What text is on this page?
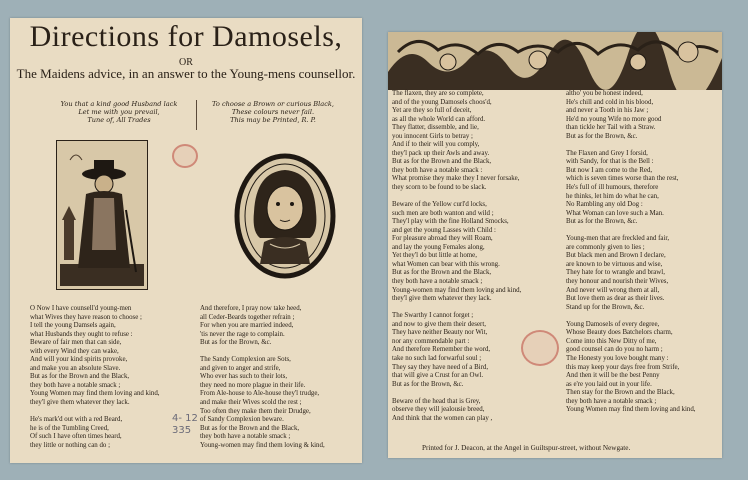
Directions for Damosels,
OR
The Maidens advice, in an answer to the Young-mens counsellor.
You that a kind good Husband lack
Let me with you prevail,
Tune of, All Trades
To choose a Brown or curious Black,
These colours never fail.
This may be Printed, R. P.
O Now I have counsell'd young-men
what Wives they have reason to choose ;
I tell the young Damsels again,
what Husbands they ought to refuse :
Beware of fair men that can side,
with every Wind they can wake,
And will your kind spirits provoke,
and make you an absolute Slave.
But as for the Brown and the Black,
they both have a notable smack ;
Young Women may find them loving and kind,
they'l give them whatever they lack.
He's mark'd out with a red Beard,
he is of the Tumbling Creed,
Of such I have often times heard,
they little or nothing can do ;
And therefore, I pray now take heed,
all Ceder-Beards together refrain ;
For when you are married indeed,
'tis never the rage to complain.
But as for the Brown, &c.
The Sandy Complexion are Sots,
and given to anger and strife,
Who ever has such to their lots,
they need no more plague in their life.
From Ale-house to Ale-house they'l trudge,
and make their Wives scold the rest ;
Too often they make them their Drudge,
of Sandy Complexion beware.
But as for the Brown and the Black,
they both have a notable smack ;
Young-women may find them loving & kind,
4- 12
335
The flaxen, they are so complete,
and of the young Damosels choos'd,
Yet are they so full of deceit,
as all the whole World can afford.
They flatter, dissemble, and lie,
you innocent Girls to betray ;
And if to their will you comply,
they'l pack up their Awls and away.
But as for the Brown and the Black,
they both have a notable smack :
What promise they make they I never forsake,
they scorn to be found to be slack.
Beware of the Yellow curl'd locks,
such men are both wanton and wild ;
They'l play with the fine Holland Smocks,
and get the young Lasses with Child :
For pleasure abroad they will Roam,
and lay the young Females along,
Yet they'l do but little at home,
what Women can bear with this wrong.
But as for the Brown and the Black,
they both have a notable smack ;
Young-women may find them loving and kind,
they'l give them whatever they lack.
The Swarthy I cannot forget ;
and now to give them their desert,
They have neither Beauty nor Wit,
nor any commendable part :
And therefore Remember the word,
take no such lad forwarful soul ;
They say they have need of a Bird,
that will give a Crust for an Owl.
But as for the Brown, &c.
Beware of the head that is Grey,
observe they will jealousie breed,
And think that the women can play ,
altho' you be honest indeed,
He's chill and cold in his blood,
and never a Tooth in his Jaw ;
He'd no young Wife no more good
than tickle her Tail with a Straw.
But as for the Brown, &c.
The Flaxen and Grey I forsid,
with Sandy, for that is the Bell :
But now I am come to the Red,
which is seven times worse than the rest,
He's full of ill humours, therefore
he thinks, let him do what he can,
No Rambling any old Dog :
What Woman can love such a Man.
But as for the Brown, &c.
Young-men that are freckled and fair,
are commonly given to lies ;
But black men and Brown I declare,
are known to be virtuous and wise,
They hate for to wrangle and brawl,
they honour and nourish their Wives,
And never will wrong them at all,
But love them as dear as their lives.
Stand up for the Brown, &c.
Young Damosels of every degree,
Whose Beauty does Batchelors charm,
Come into this New Ditty of me,
good counsel can do you no harm ;
The Honesty you love bought many :
this may keep your days free from Strife,
And then it will be the best Penny
as e're you laid out in your life.
Then stay for the Brown and the Black,
they both have a notable smack ;
Young Women may find them loving and kind,
Printed for J. Deacon, at the Angel in Guiltspur-street, without Newgate.
